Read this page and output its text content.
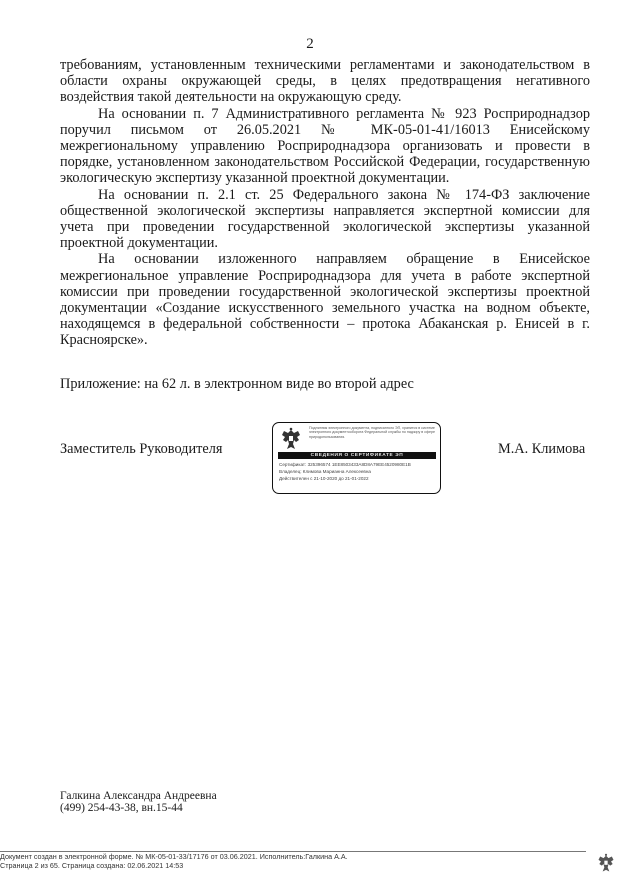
2

требованиям, установленным техническими регламентами и законодательством в области охраны окружающей среды, в целях предотвращения негативного воздействия такой деятельности на окружающую среду.

На основании п. 7 Административного регламента № 923 Росприроднадзор поручил письмом от 26.05.2021 № МК-05-01-41/16013 Енисейскому межрегиональному управлению Росприроднадзора организовать и провести в порядке, установленном законодательством Российской Федерации, государственную экологическую экспертизу указанной проектной документации.

На основании п. 2.1 ст. 25 Федерального закона № 174-ФЗ заключение общественной экологической экспертизы направляется экспертной комиссии для учета при проведении государственной экологической экспертизы указанной проектной документации.

На основании изложенного направляем обращение в Енисейское межрегиональное управление Росприроднадзора для учета в работе экспертной комиссии при проведении государственной экологической экспертизы проектной документации «Создание искусственного земельного участка на водном объекте, находящемся в федеральной собственности – протока Абаканская р. Енисей в г. Красноярске».

Приложение: на 62 л. в электронном виде во второй адрес
Заместитель Руководителя
Подлинник электронного документа, подписанного ЭП, хранится в системе электронного документооборота Федеральной службы по надзору в сфере природопользования.
СВЕДЕНИЯ О СЕРТИФИКАТЕ ЭП
Сертификат: 325396574 1EE8503433A8D8A79EE4520980E1B
Владелец: Климова Марианна Алексеевна
Действителен с 21-10-2020 до 21-01-2022
М.А. Климова
Галкина Александра Андреевна
(499) 254-43-38, вн.15-44
Документ создан в электронной форме. № МК-05-01-33/17176 от 03.06.2021. Исполнитель:Галкина А.А.
Страница 2 из 65. Страница создана: 02.06.2021 14:53
